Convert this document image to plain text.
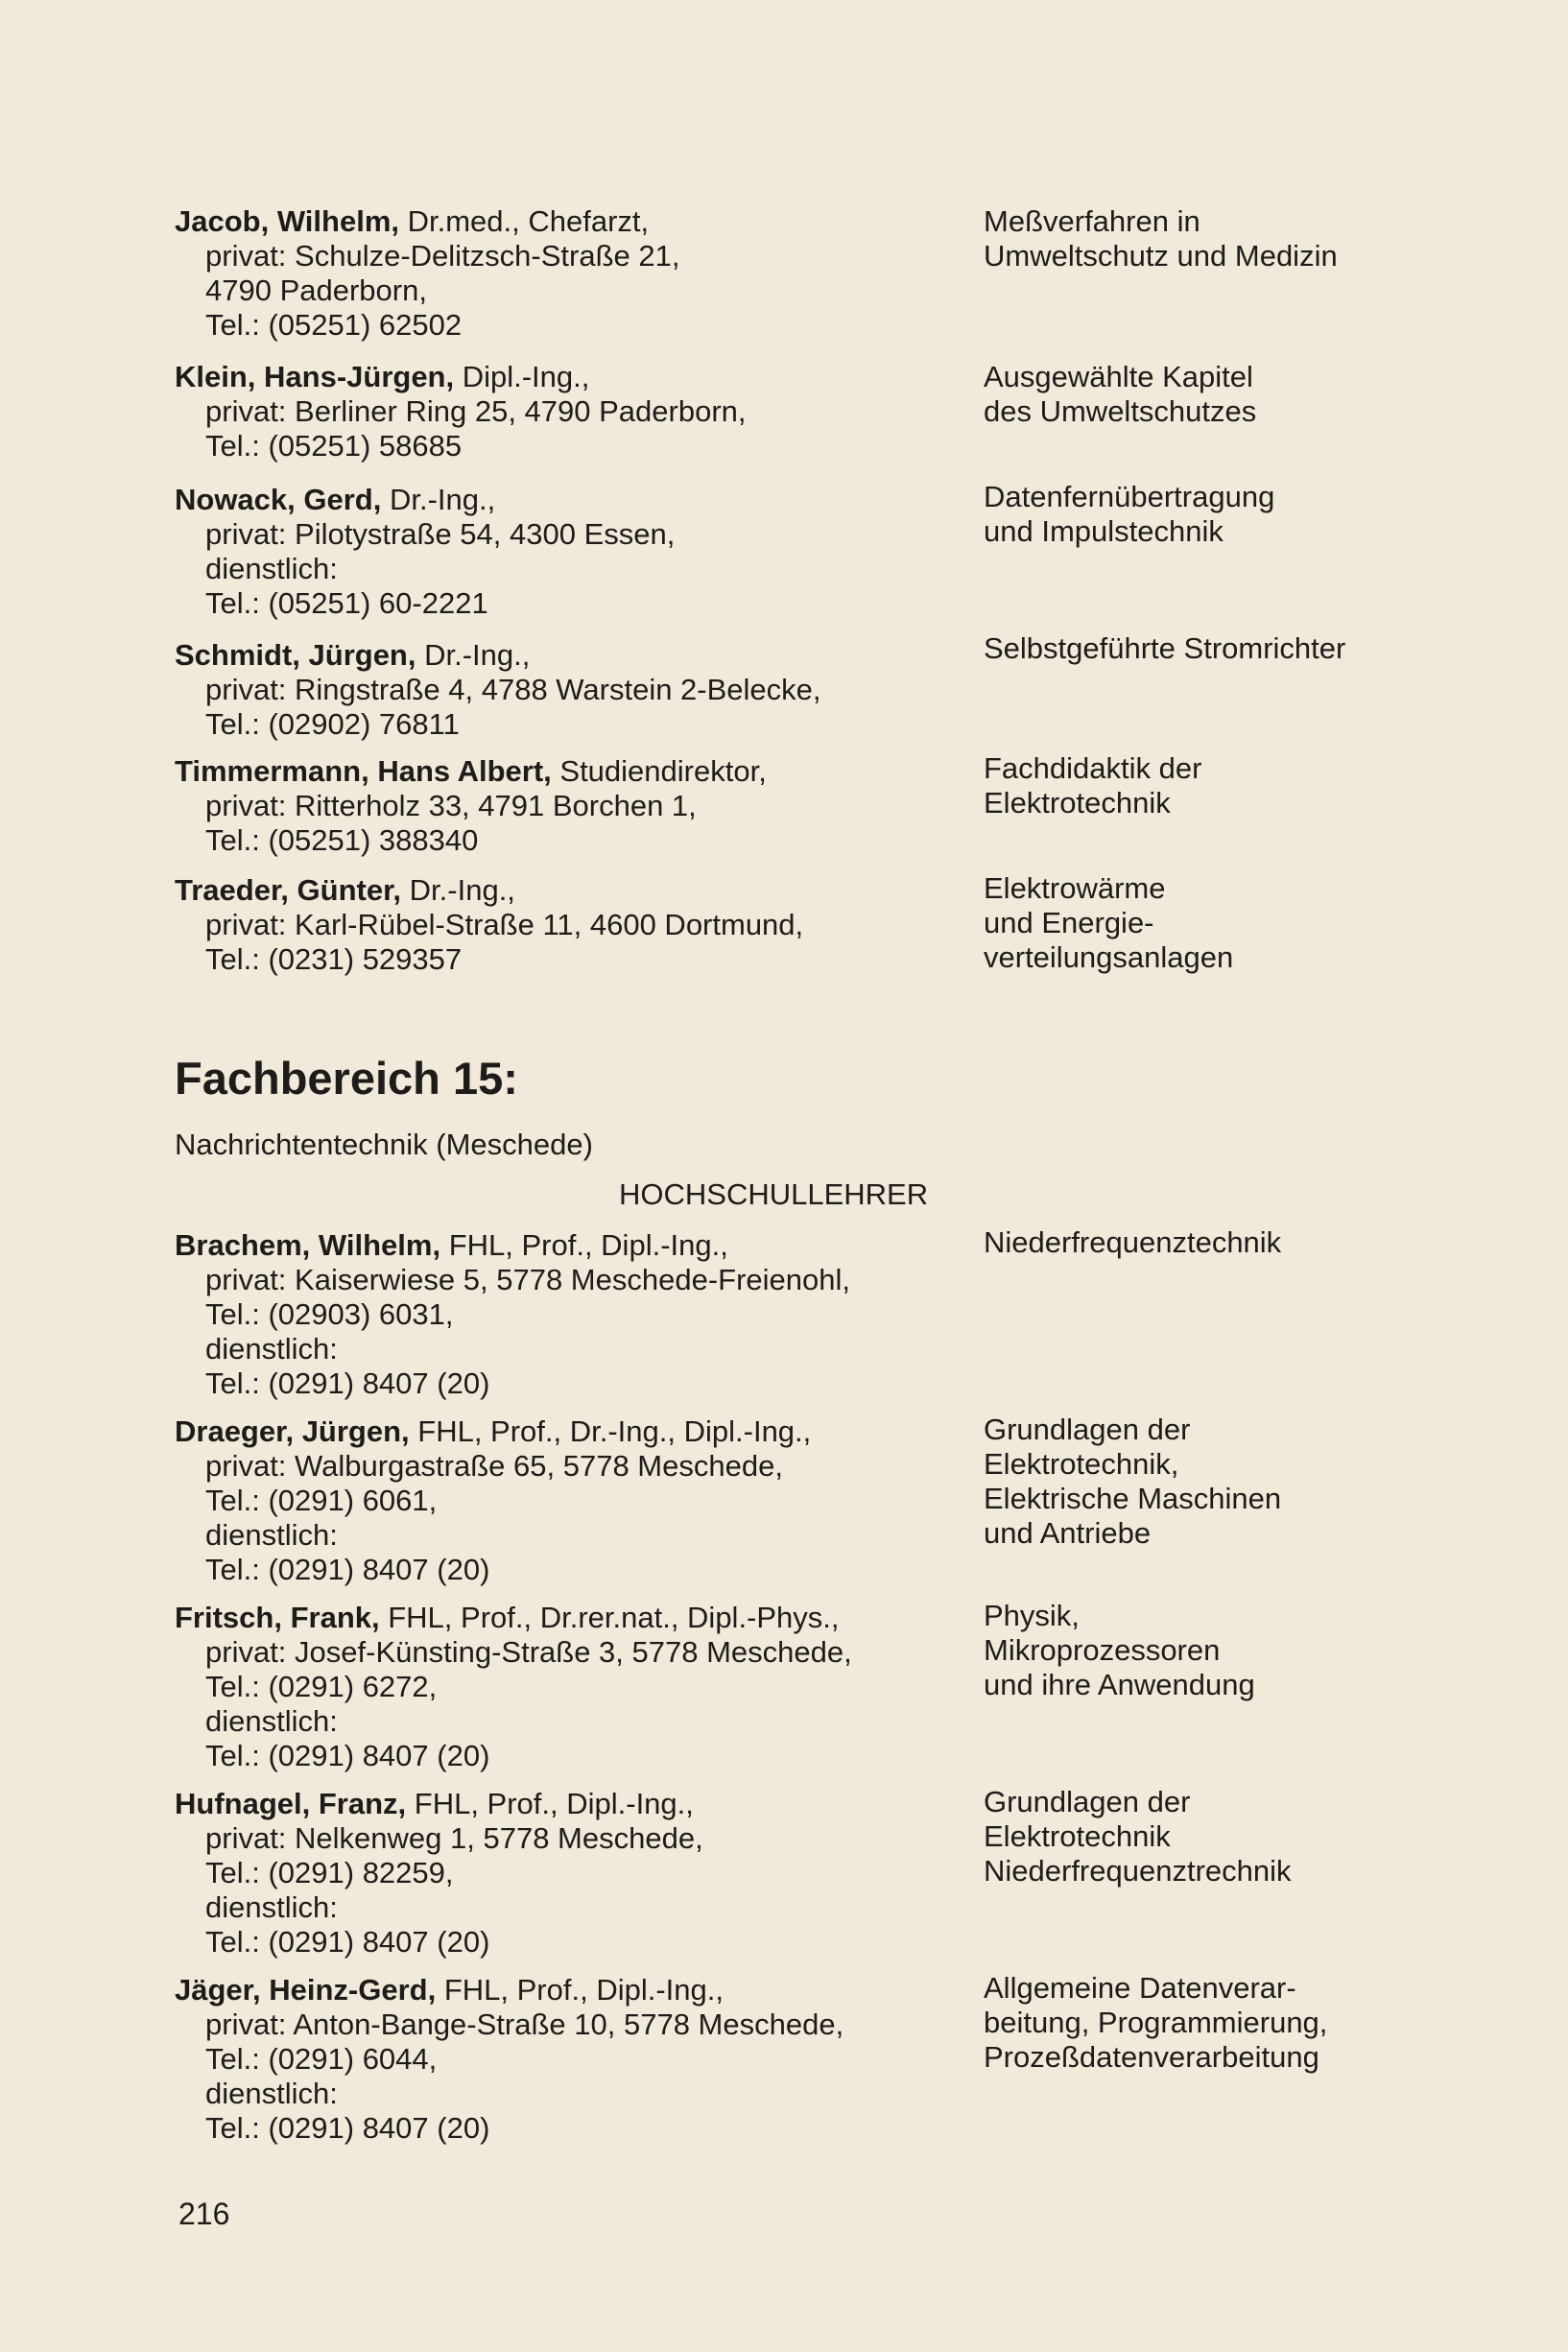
Jacob, Wilhelm, Dr.med., Chefarzt,
privat: Schulze-Delitzsch-Straße 21,
4790 Paderborn,
Tel.: (05251) 62502
Meßverfahren in
Umweltschutz und Medizin
Klein, Hans-Jürgen, Dipl.-Ing.,
privat: Berliner Ring 25, 4790 Paderborn,
Tel.: (05251) 58685
Ausgewählte Kapitel
des Umweltschutzes
Nowack, Gerd, Dr.-Ing.,
privat: Pilotystraße 54, 4300 Essen,
dienstlich:
Tel.: (05251) 60-2221
Datenfernübertragung
und Impulstechnik
Schmidt, Jürgen, Dr.-Ing.,
privat: Ringstraße 4, 4788 Warstein 2-Belecke,
Tel.: (02902) 76811
Selbstgeführte Stromrichter
Timmermann, Hans Albert, Studiendirektor,
privat: Ritterholz 33, 4791 Borchen 1,
Tel.: (05251) 388340
Fachdidaktik der
Elektrotechnik
Traeder, Günter, Dr.-Ing.,
privat: Karl-Rübel-Straße 11, 4600 Dortmund,
Tel.: (0231) 529357
Elektrowärme
und Energie-
verteilungsanlagen
Fachbereich 15:
Nachrichtentechnik (Meschede)
HOCHSCHULLEHRER
Brachem, Wilhelm, FHL, Prof., Dipl.-Ing.,
privat: Kaiserwiese 5, 5778 Meschede-Freienohl,
Tel.: (02903) 6031,
dienstlich:
Tel.: (0291) 8407 (20)
Niederfrequenztechnik
Draeger, Jürgen, FHL, Prof., Dr.-Ing., Dipl.-Ing.,
privat: Walburgastraße 65, 5778 Meschede,
Tel.: (0291) 6061,
dienstlich:
Tel.: (0291) 8407 (20)
Grundlagen der
Elektrotechnik,
Elektrische Maschinen
und Antriebe
Fritsch, Frank, FHL, Prof., Dr.rer.nat., Dipl.-Phys.,
privat: Josef-Künsting-Straße 3, 5778 Meschede,
Tel.: (0291) 6272,
dienstlich:
Tel.: (0291) 8407 (20)
Physik,
Mikroprozessoren
und ihre Anwendung
Hufnagel, Franz, FHL, Prof., Dipl.-Ing.,
privat: Nelkenweg 1, 5778 Meschede,
Tel.: (0291) 82259,
dienstlich:
Tel.: (0291) 8407 (20)
Grundlagen der
Elektrotechnik
Niederfrequenztrechnik
Jäger, Heinz-Gerd, FHL, Prof., Dipl.-Ing.,
privat: Anton-Bange-Straße 10, 5778 Meschede,
Tel.: (0291) 6044,
dienstlich:
Tel.: (0291) 8407 (20)
Allgemeine Datenverar-
beitung, Programmierung,
Prozeßdatenverarbeitung
216
